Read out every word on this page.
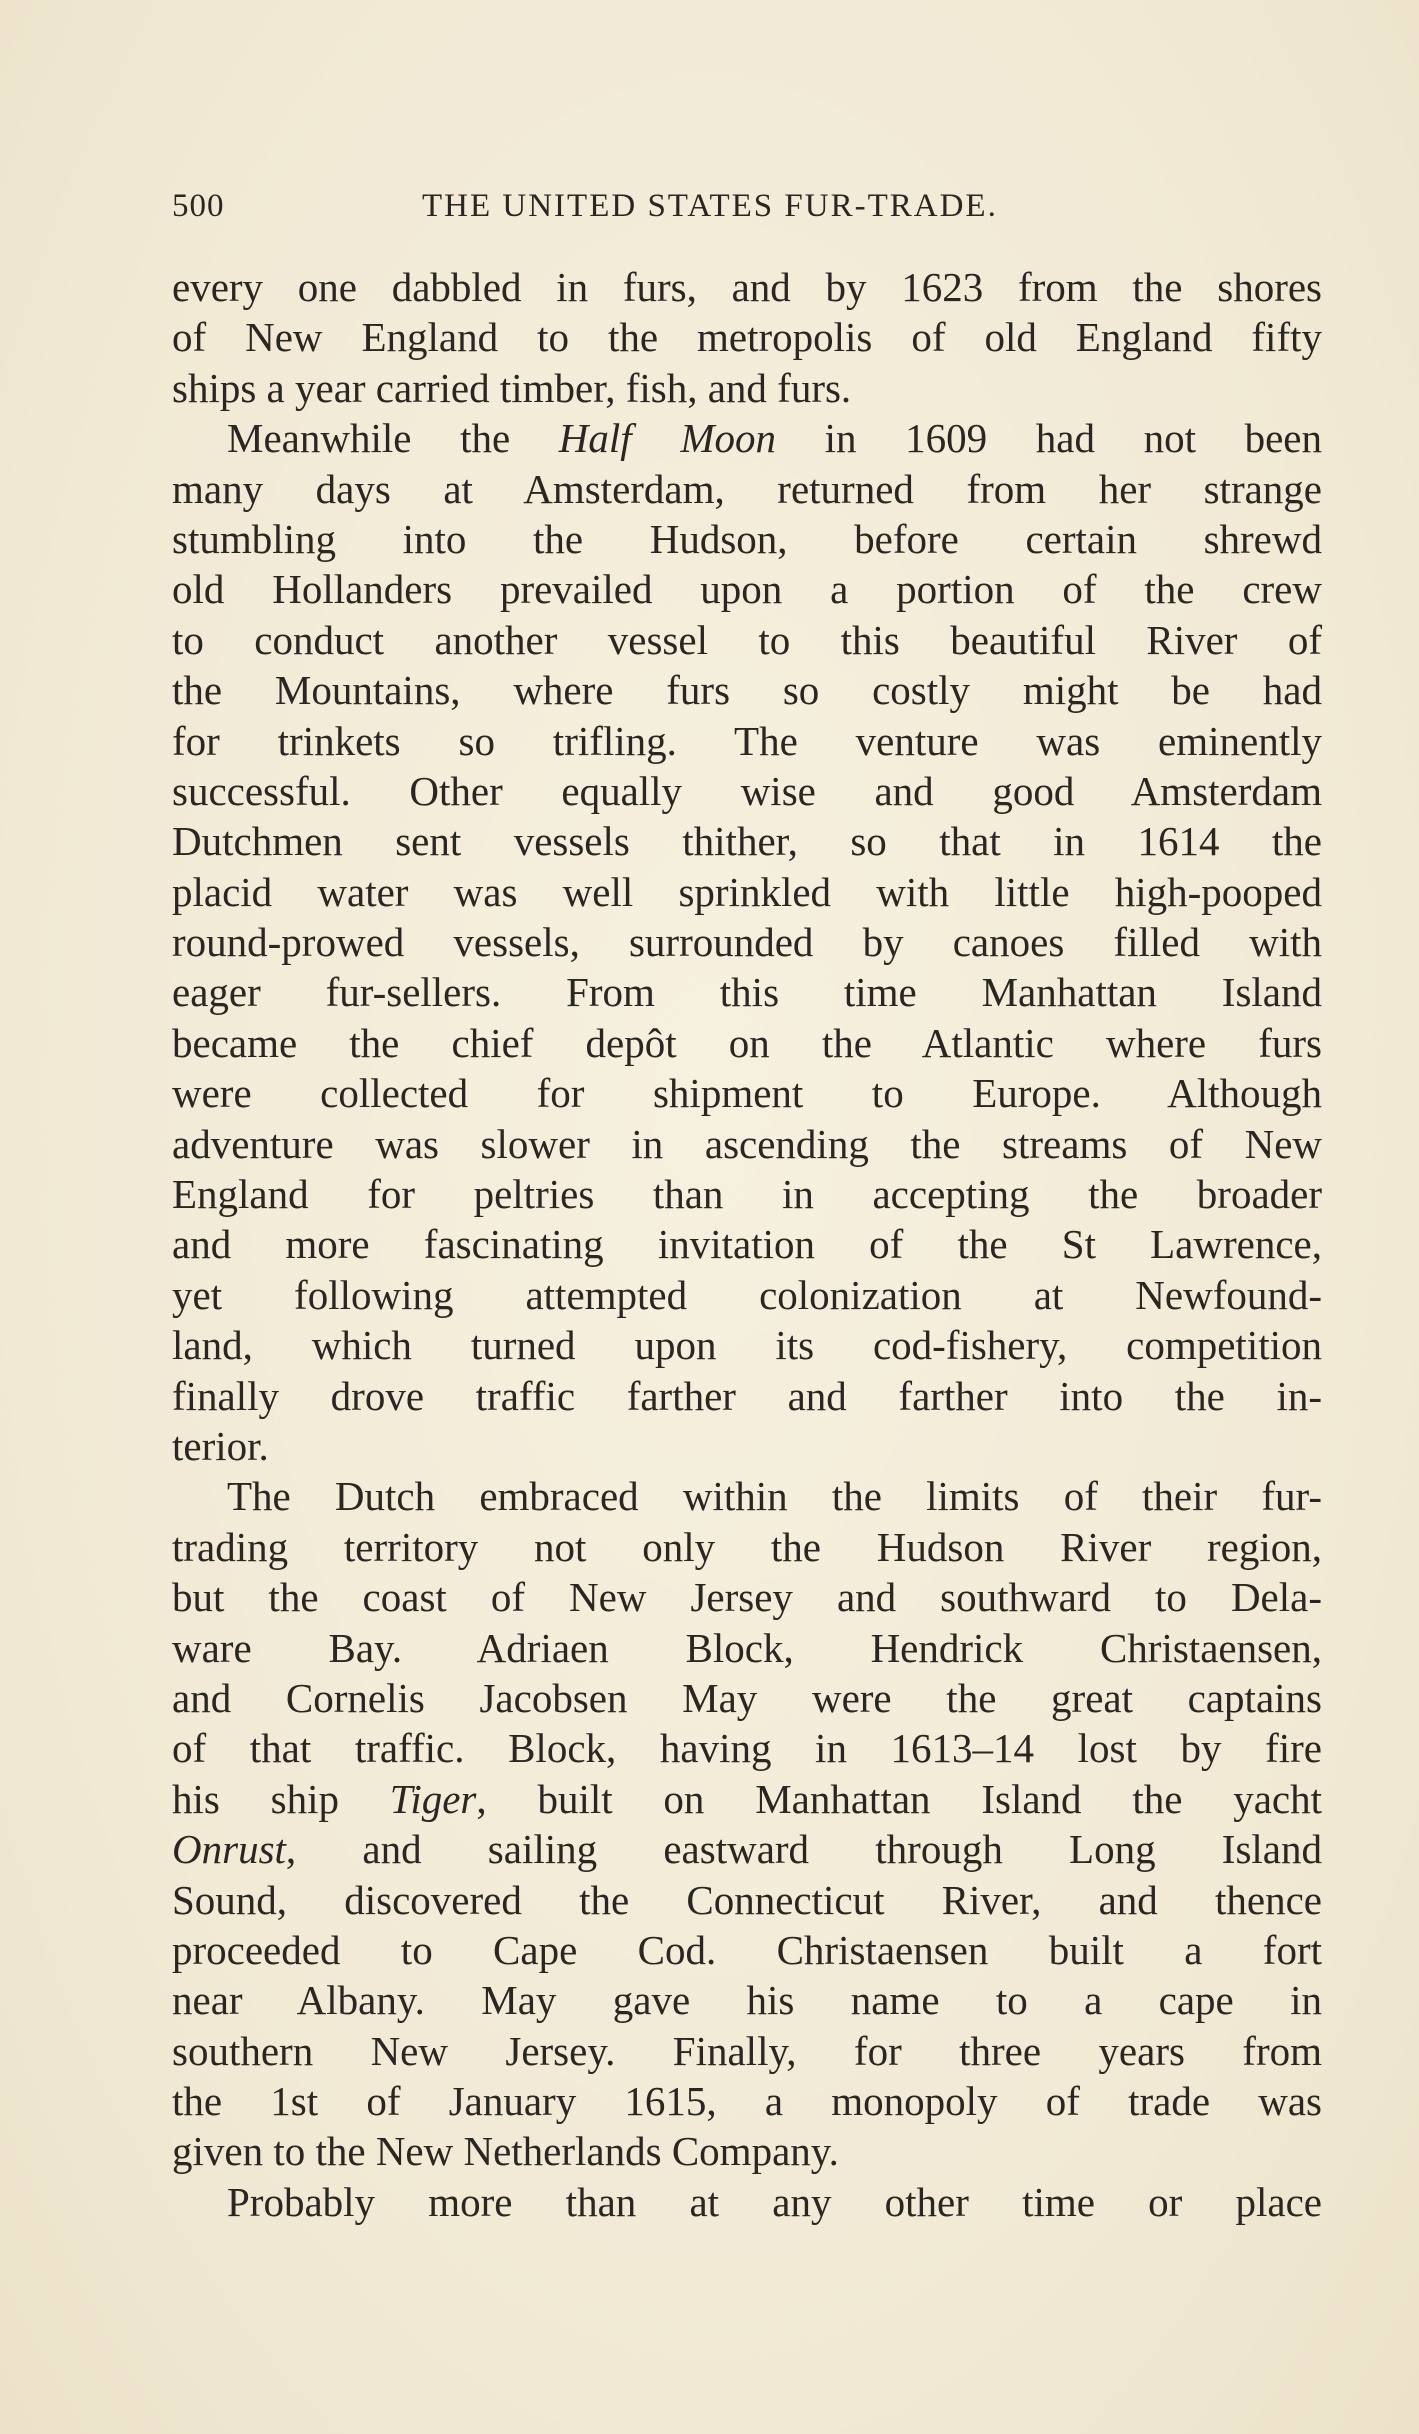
500	THE UNITED STATES FUR-TRADE.
every one dabbled in furs, and by 1623 from the shores
of New England to the metropolis of old England fifty
ships a year carried timber, fish, and furs.
Meanwhile the Half Moon in 1609 had not been
many days at Amsterdam, returned from her strange
stumbling into the Hudson, before certain shrewd
old Hollanders prevailed upon a portion of the crew
to conduct another vessel to this beautiful River of
the Mountains, where furs so costly might be had
for trinkets so trifling. The venture was eminently
successful. Other equally wise and good Amsterdam
Dutchmen sent vessels thither, so that in 1614 the
placid water was well sprinkled with little high-pooped
round-prowed vessels, surrounded by canoes filled with
eager fur-sellers. From this time Manhattan Island
became the chief depôt on the Atlantic where furs
were collected for shipment to Europe. Although
adventure was slower in ascending the streams of New
England for peltries than in accepting the broader
and more fascinating invitation of the St Lawrence,
yet following attempted colonization at Newfound-
land, which turned upon its cod-fishery, competition
finally drove traffic farther and farther into the in-
terior.
The Dutch embraced within the limits of their fur-
trading territory not only the Hudson River region,
but the coast of New Jersey and southward to Dela-
ware Bay. Adriaen Block, Hendrick Christaensen,
and Cornelis Jacobsen May were the great captains
of that traffic. Block, having in 1613–14 lost by fire
his ship Tiger, built on Manhattan Island the yacht
Onrust, and sailing eastward through Long Island
Sound, discovered the Connecticut River, and thence
proceeded to Cape Cod. Christaensen built a fort
near Albany. May gave his name to a cape in
southern New Jersey. Finally, for three years from
the 1st of January 1615, a monopoly of trade was
given to the New Netherlands Company.
Probably more than at any other time or place
